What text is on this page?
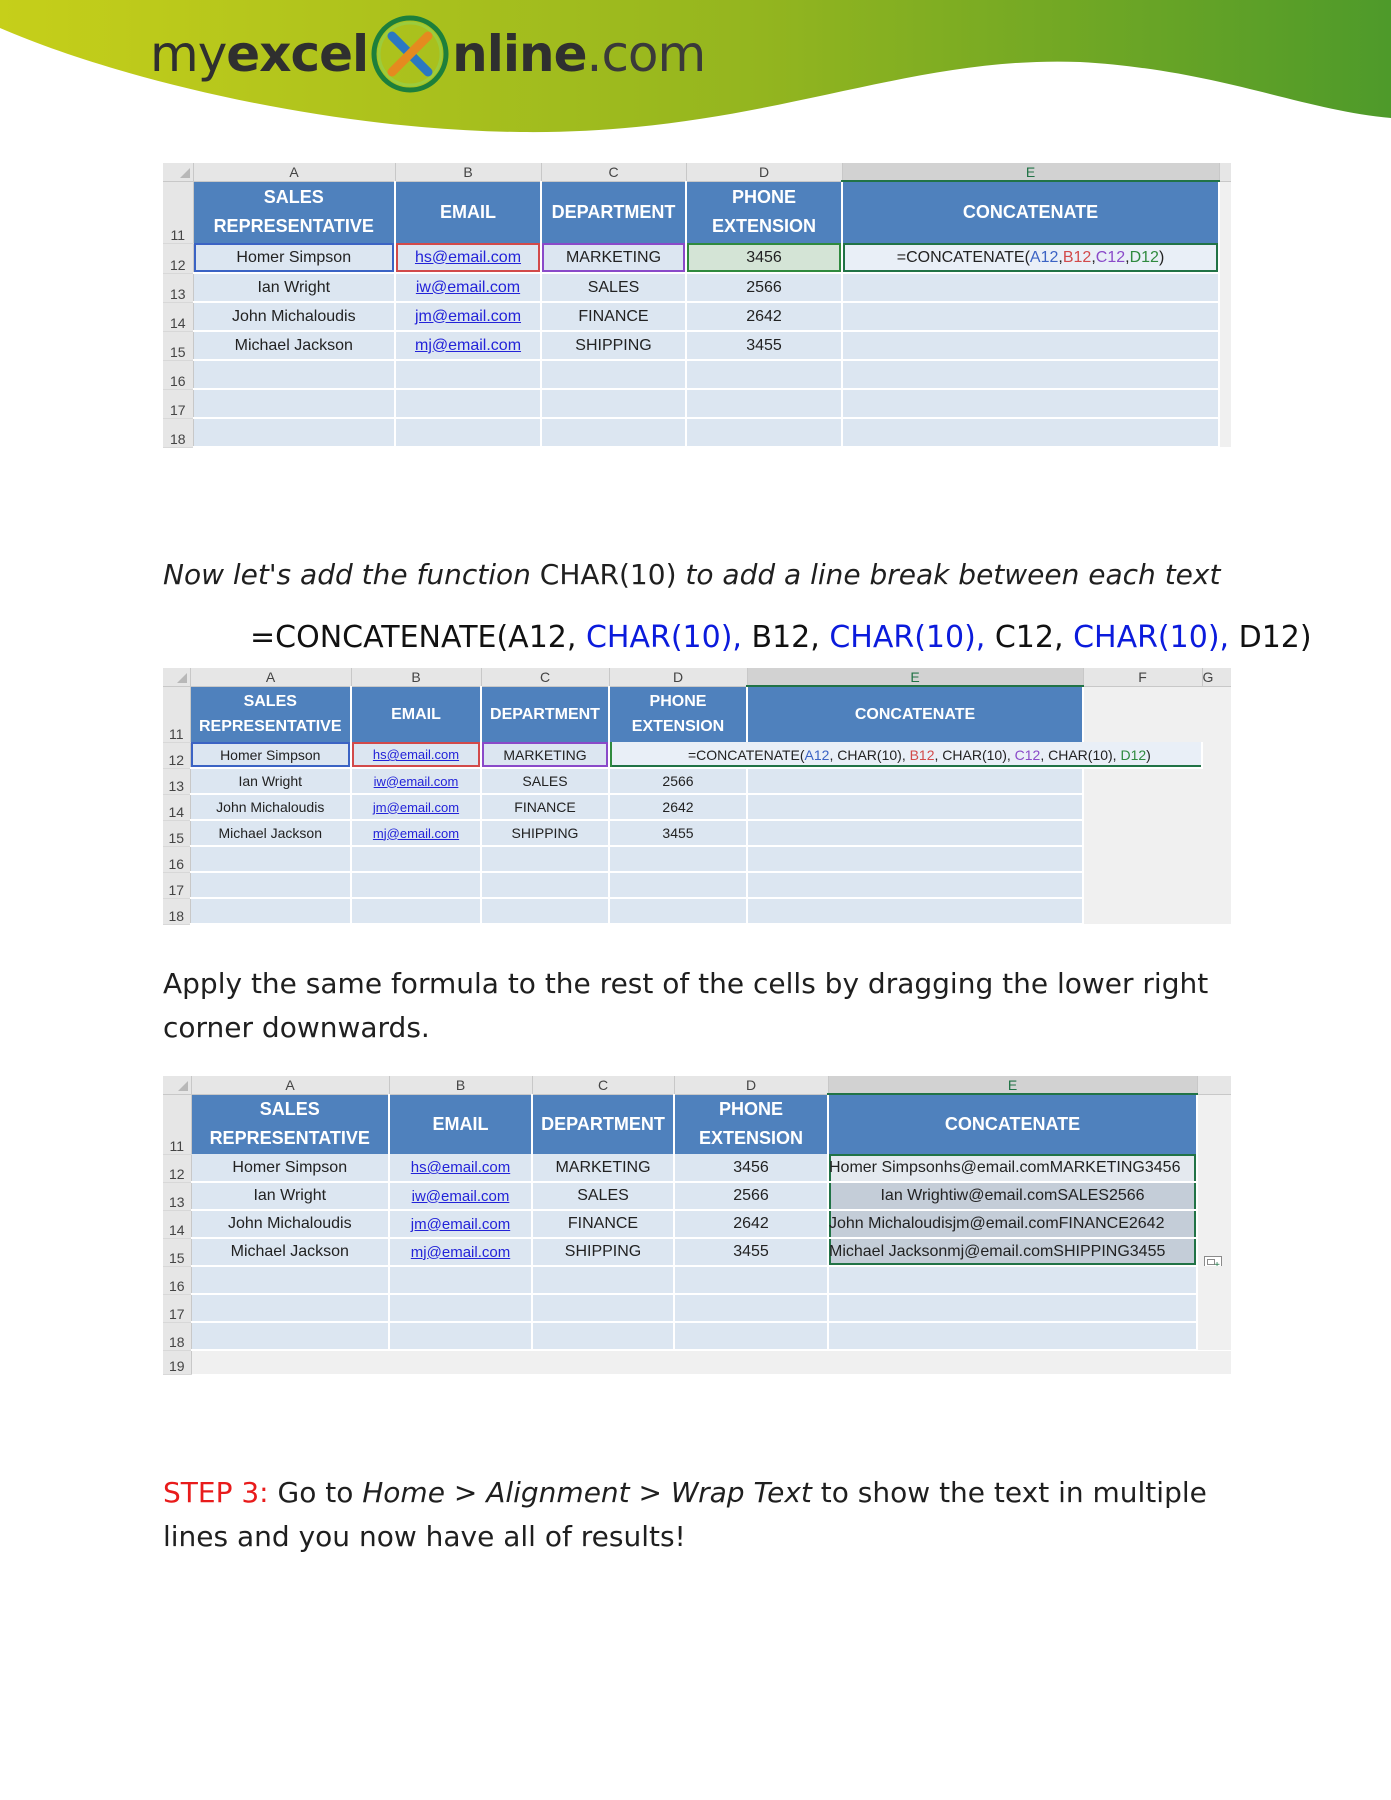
my excel nline .com
	A	B	C	D	E	
11	SALES
REPRESENTATIVE	EMAIL	DEPARTMENT	PHONE
EXTENSION	CONCATENATE	
12	Homer Simpson	hs@email.com	MARKETING	3456	=CONCATENATE(A12,B12,C12,D12)	
13	Ian Wright	iw@email.com	SALES	2566		
14	John Michaloudis	jm@email.com	FINANCE	2642		
15	Michael Jackson	mj@email.com	SHIPPING	3455		
16						
17						
18						
Now let's add the function CHAR(10) to add a line break between each text
=CONCATENATE(A12, CHAR(10), B12, CHAR(10), C12, CHAR(10), D12)
	A	B	C	D	E	F	G
11	SALES
REPRESENTATIVE	EMAIL	DEPARTMENT	PHONE
EXTENSION	CONCATENATE		
12	Homer Simpson	hs@email.com	MARKETING	=CONCATENATE(A12, CHAR(10), B12, CHAR(10), C12, CHAR(10), D12)			
13	Ian Wright	iw@email.com	SALES	2566			
14	John Michaloudis	jm@email.com	FINANCE	2642			
15	Michael Jackson	mj@email.com	SHIPPING	3455			
16							
17							
18							
Apply the same formula to the rest of the cells by dragging the lower right corner downwards.
	A	B	C	D	E	
11	SALES
REPRESENTATIVE	EMAIL	DEPARTMENT	PHONE
EXTENSION	CONCATENATE	
12	Homer Simpson	hs@email.com	MARKETING	3456	Homer Simpsonhs@email.comMARKETING3456	
13	Ian Wright	iw@email.com	SALES	2566	Ian Wrightiw@email.comSALES2566	
14	John Michaloudis	jm@email.com	FINANCE	2642	John Michaloudisjm@email.comFINANCE2642	
15	Michael Jackson	mj@email.com	SHIPPING	3455	Michael Jacksonmj@email.comSHIPPING3455	+

16						
17						
18						
19						
STEP 3: Go to Home > Alignment > Wrap Text to show the text in multiple lines and you now have all of results!
